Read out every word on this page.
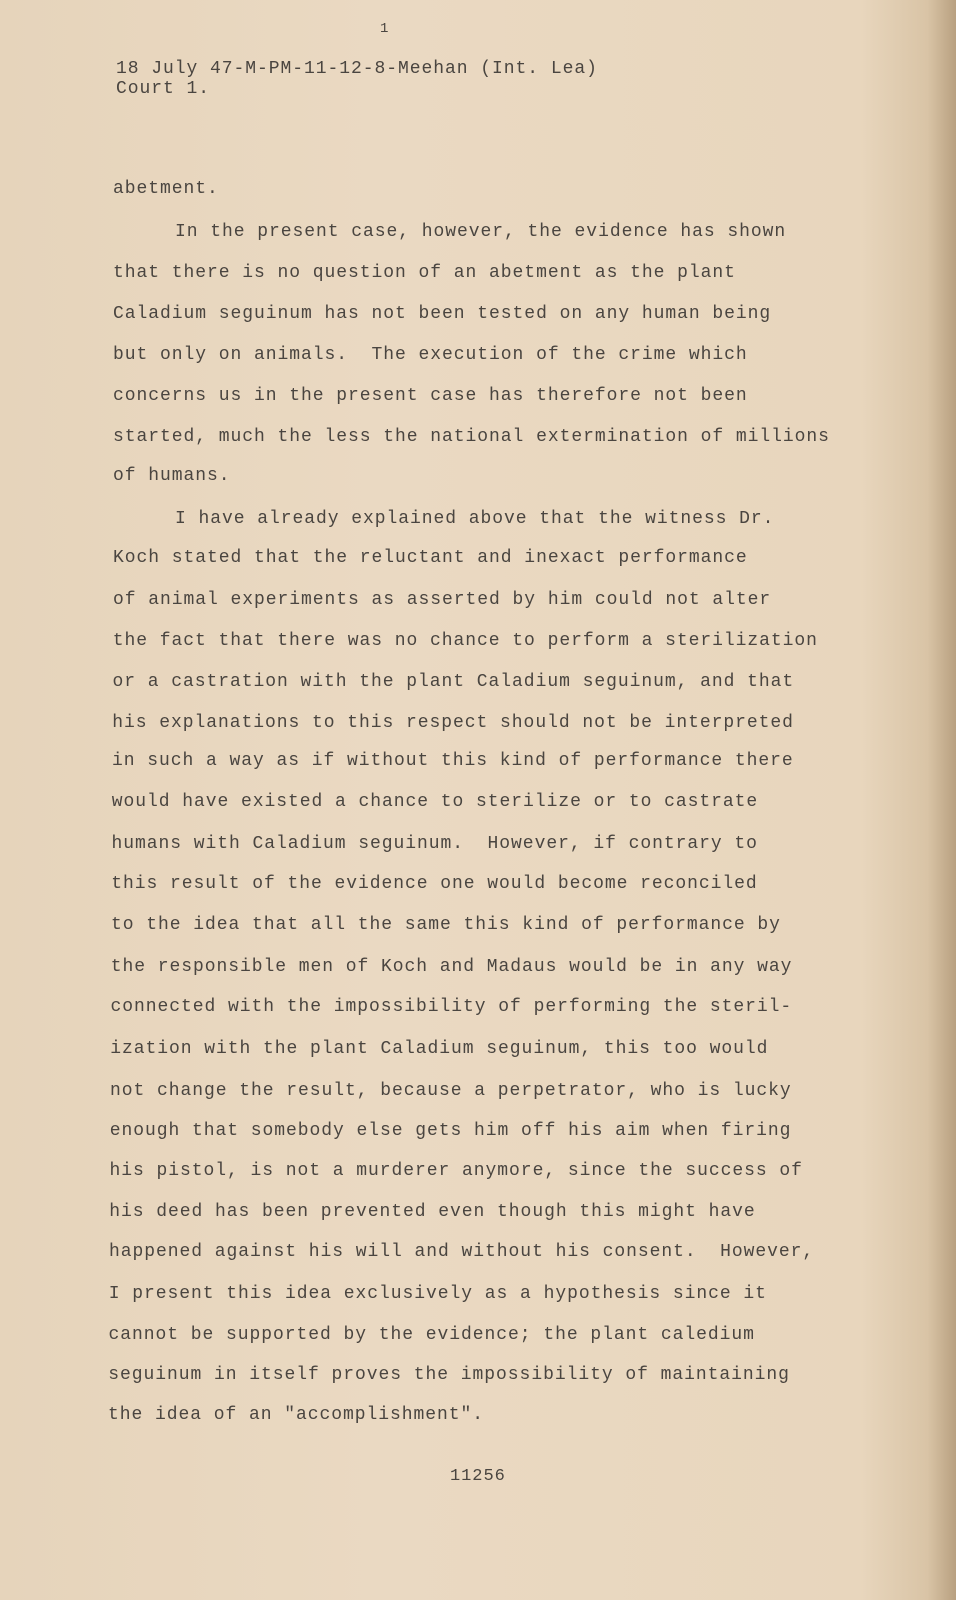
1
18 July 47-M-PM-11-12-8-Meehan (Int. Lea)
Court 1.
abetment.
In the present case, however, the evidence has shown
that there is no question of an abetment as the plant
Caladium seguinum has not been tested on any human being
but only on animals.  The execution of the crime which
concerns us in the present case has therefore not been
started, much the less the national extermination of millions
of humans.
I have already explained above that the witness Dr.
Koch stated that the reluctant and inexact performance
of animal experiments as asserted by him could not alter
the fact that there was no chance to perform a sterilization
or a castration with the plant Caladium seguinum, and that
his explanations to this respect should not be interpreted
in such a way as if without this kind of performance there
would have existed a chance to sterilize or to castrate
humans with Caladium seguinum.  However, if contrary to
this result of the evidence one would become reconciled
to the idea that all the same this kind of performance by
the responsible men of Koch and Madaus would be in any way
connected with the impossibility of performing the steril-
ization with the plant Caladium seguinum, this too would
not change the result, because a perpetrator, who is lucky
enough that somebody else gets him off his aim when firing
his pistol, is not a murderer anymore, since the success of
his deed has been prevented even though this might have
happened against his will and without his consent.  However,
I present this idea exclusively as a hypothesis since it
cannot be supported by the evidence; the plant caledium
seguinum in itself proves the impossibility of maintaining
the idea of an "accomplishment".
11256
